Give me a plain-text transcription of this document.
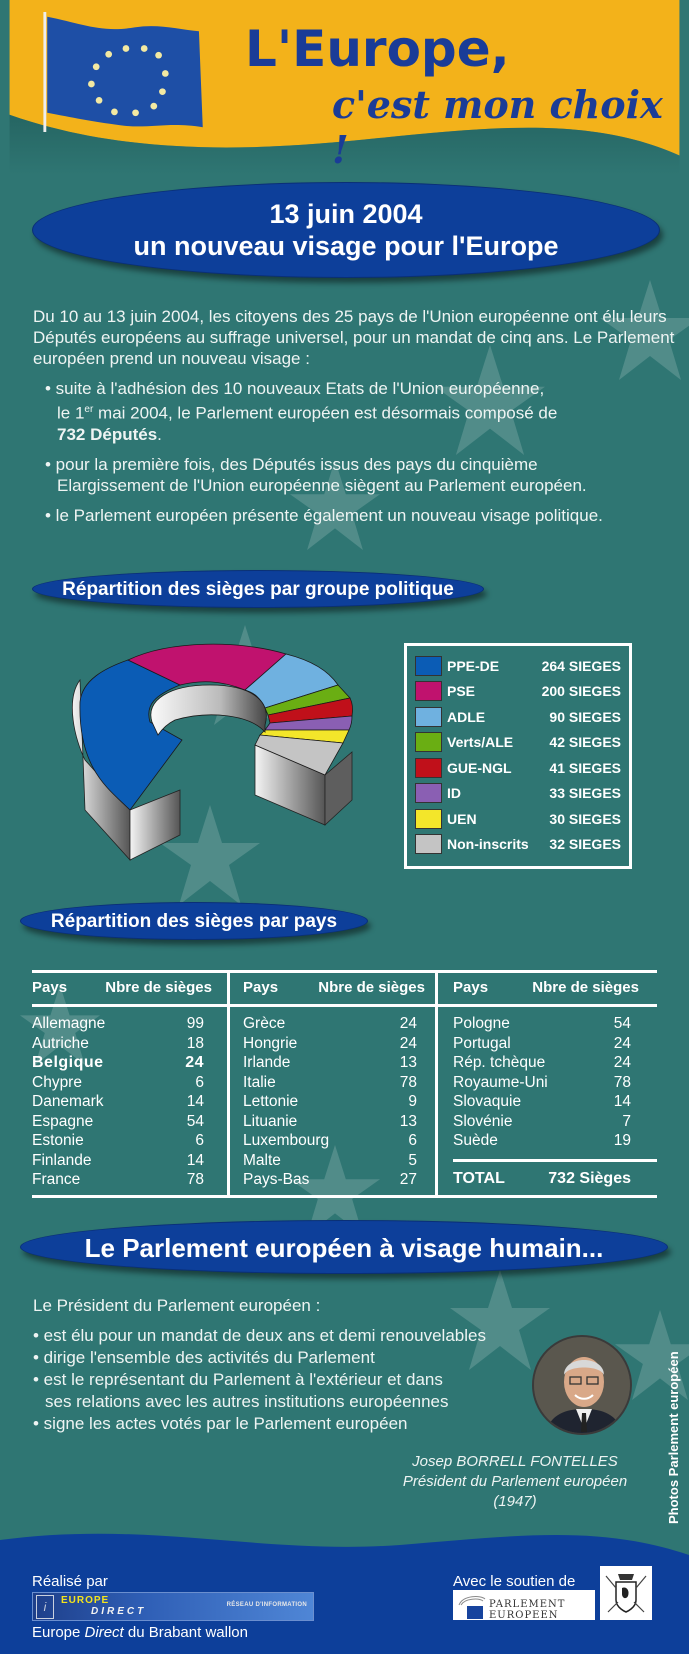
L'Europe,
c'est mon choix !
13 juin 2004
un nouveau visage pour l'Europe

Du 10 au 13 juin 2004, les citoyens des 25 pays de l'Union européenne ont élu leurs Députés européens au suffrage universel, pour un mandat de cinq ans. Le Parlement européen prend un nouveau visage :

• suite à l'adhésion des 10 nouveaux Etats de l'Union européenne,
le 1er mai 2004, le Parlement européen est désormais composé de
732 Députés.
• pour la première fois, des Députés issus des pays du cinquième
Elargissement de l'Union européenne siègent au Parlement européen.
• le Parlement européen présente également un nouveau visage politique.
Répartition des sièges par groupe politique
PPE-DE	264 SIEGES
PSE	200 SIEGES
ADLE	90 SIEGES
Verts/ALE	42 SIEGES
GUE-NGL	41 SIEGES
ID	33 SIEGES
UEN	30 SIEGES
Non-inscrits	32 SIEGES
Répartition des sièges par pays
Pays	Nbre de sièges
Allemagne	99
Autriche	18
Belgique	24
Chypre	6
Danemark	14
Espagne	54
Estonie	6
Finlande	14
France	78
Pays	Nbre de sièges
Grèce	24
Hongrie	24
Irlande	13
Italie	78
Lettonie	9
Lituanie	13
Luxembourg	6
Malte	5
Pays-Bas	27
Pays	Nbre de sièges
Pologne	54
Portugal	24
Rép. tchèque	24
Royaume-Uni	78
Slovaquie	14
Slovénie	7
Suède	19
TOTAL	732 Sièges
Le Parlement européen à visage humain...
Le Président du Parlement européen :
• est élu pour un mandat de deux ans et demi renouvelables
• dirige l'ensemble des activités du Parlement
• est le représentant du Parlement à l'extérieur et dans
ses relations avec les autres institutions européennes
• signe les actes votés par le Parlement européen
Josep BORRELL FONTELLES
Président du Parlement européen
(1947)	Photos Parlement européen
Réalisé par
i	EUROPE
DIRECT
RÉSEAU D'INFORMATION
Europe Direct du Brabant wallon
Avec le soutien de
PARLEMENT EUROPEEN
